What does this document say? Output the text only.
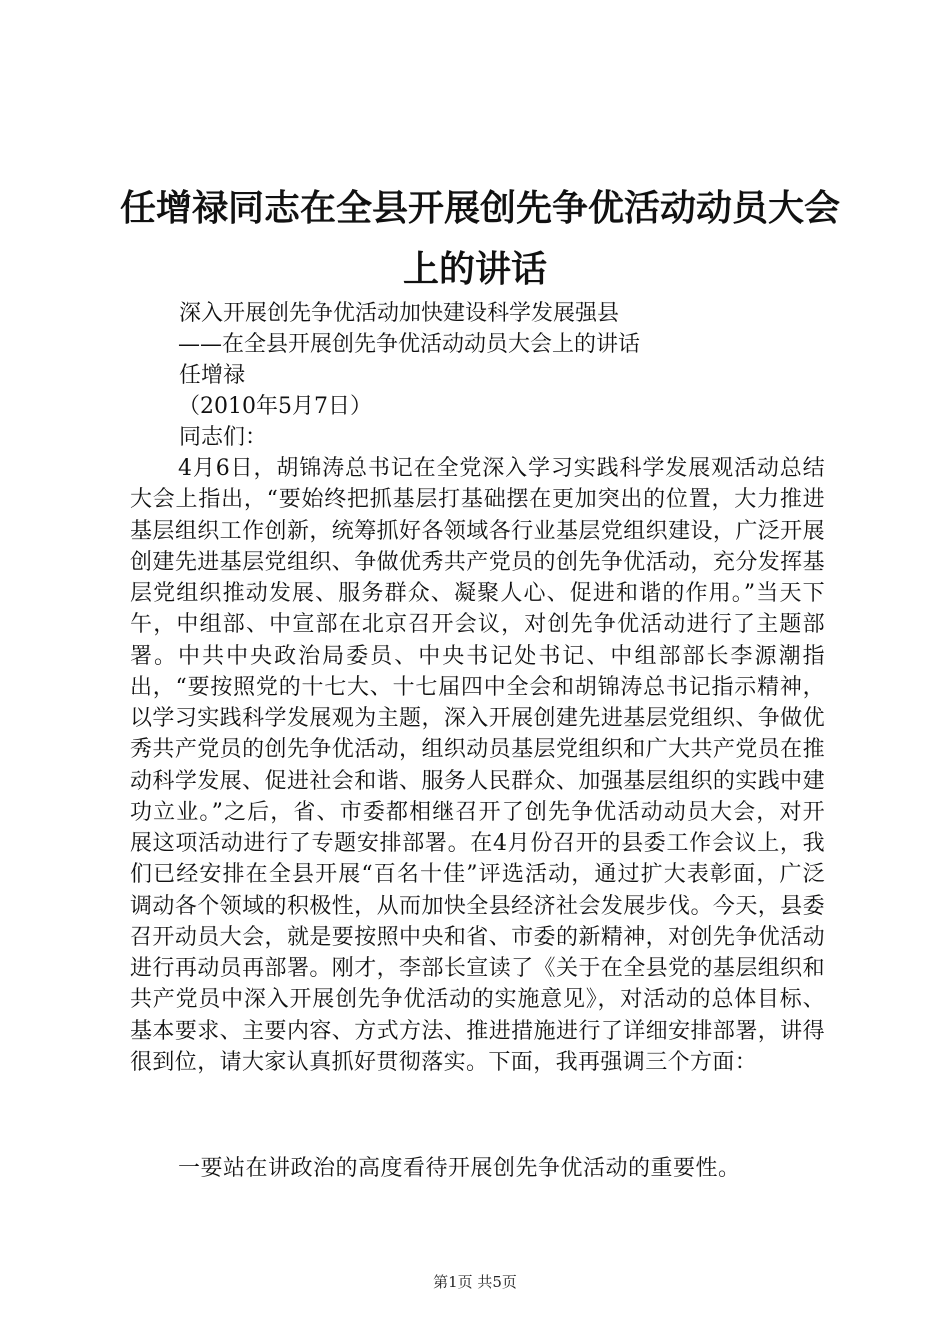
任增禄同志在全县开展创先争优活动动员大会
上的讲话

深入开展创先争优活动加快建设科学发展强县

——在全县开展创先争优活动动员大会上的讲话

任增禄

（2010年5月7日）

同志们：

4月6日，胡锦涛总书记在全党深入学习实践科学发展观活动总结大会上指出，“要始终把抓基层打基础摆在更加突出的位置，大力推进基层组织工作创新，统筹抓好各领域各行业基层党组织建设，广泛开展创建先进基层党组织、争做优秀共产党员的创先争优活动，充分发挥基层党组织推动发展、服务群众、凝聚人心、促进和谐的作用。”当天下午，中组部、中宣部在北京召开会议，对创先争优活动进行了主题部署。中共中央政治局委员、中央书记处书记、中组部部长李源潮指出，“要按照党的十七大、十七届四中全会和胡锦涛总书记指示精神，以学习实践科学发展观为主题，深入开展创建先进基层党组织、争做优秀共产党员的创先争优活动，组织动员基层党组织和广大共产党员在推动科学发展、促进社会和谐、服务人民群众、加强基层组织的实践中建功立业。”之后，省、市委都相继召开了创先争优活动动员大会，对开展这项活动进行了专题安排部署。在4月份召开的县委工作会议上，我们已经安排在全县开展“百名十佳”评选活动，通过扩大表彰面，广泛调动各个领域的积极性，从而加快全县经济社会发展步伐。今天，县委召开动员大会，就是要按照中央和省、市委的新精神，对创先争优活动进行再动员再部署。刚才，李部长宣读了《关于在全县党的基层组织和共产党员中深入开展创先争优活动的实施意见》，对活动的总体目标、基本要求、主要内容、方式方法、推进措施进行了详细安排部署，讲得很到位，请大家认真抓好贯彻落实。下面，我再强调三个方面：

一要站在讲政治的高度看待开展创先争优活动的重要性。

第1页 共5页
